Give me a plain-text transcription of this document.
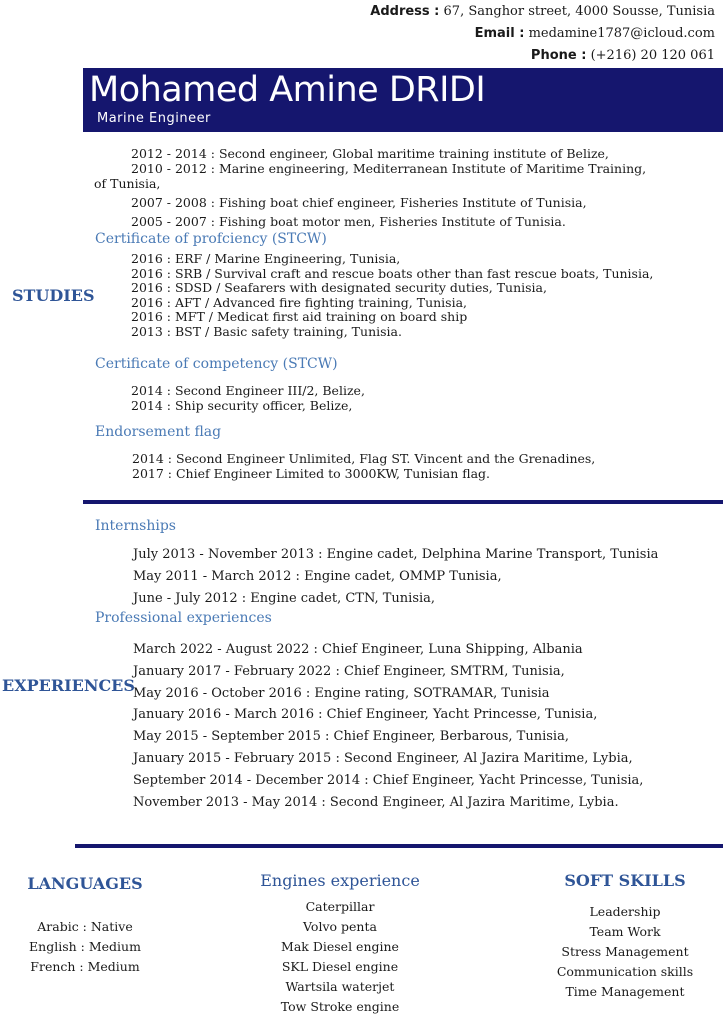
Address : 67, Sanghor street, 4000 Sousse, Tunisia
Email : medamine1787@icloud.com
Phone : (+216) 20 120 061
Mohamed Amine DRIDI
Marine Engineer
STUDIES
2012 - 2014 : Second engineer, Global maritime training institute of Belize,
2010 - 2012 : Marine engineering, Mediterranean Institute of Maritime Training,
of Tunisia,
2007 - 2008 : Fishing boat chief engineer, Fisheries Institute of Tunisia,
2005 - 2007 : Fishing boat motor men, Fisheries Institute of Tunisia.
Certificate of profciency (STCW)
2016 : ERF / Marine Engineering, Tunisia,
2016 : SRB / Survival craft and rescue boats other than fast rescue boats, Tunisia,
2016 : SDSD / Seafarers with designated security duties, Tunisia,
2016 : AFT / Advanced fire fighting training, Tunisia,
2016 : MFT / Medicat first aid training on board ship
2013 : BST / Basic safety training, Tunisia.
Certificate of competency (STCW)
2014 : Second Engineer III/2, Belize,
2014 : Ship security officer, Belize,
Endorsement flag
2014 : Second Engineer Unlimited, Flag ST. Vincent and the Grenadines,
2017 : Chief Engineer Limited to 3000KW, Tunisian flag.
EXPERIENCES
Internships
July 2013 - November 2013 : Engine cadet, Delphina Marine Transport, Tunisia
May 2011 - March 2012 : Engine cadet, OMMP Tunisia,
June - July 2012 : Engine cadet, CTN, Tunisia,
Professional experiences
March 2022 - August 2022 : Chief Engineer, Luna Shipping, Albania
January 2017 - February 2022 : Chief Engineer, SMTRM, Tunisia,
May 2016 - October 2016 : Engine rating, SOTRAMAR, Tunisia
January 2016 - March 2016 : Chief Engineer, Yacht Princesse, Tunisia,
May 2015 - September 2015 : Chief Engineer, Berbarous, Tunisia,
January 2015 - February 2015 : Second Engineer, Al Jazira Maritime, Lybia,
September 2014 - December 2014 : Chief Engineer, Yacht Princesse, Tunisia,
November 2013 - May 2014 : Second Engineer, Al Jazira Maritime, Lybia.
LANGUAGES
Arabic : Native
English : Medium
French : Medium
Engines experience
Caterpillar
Volvo penta
Mak Diesel engine
SKL Diesel engine
Wartsila waterjet
Tow Stroke engine
SOFT SKILLS
Leadership
Team Work
Stress Management
Communication skills
Time Management
